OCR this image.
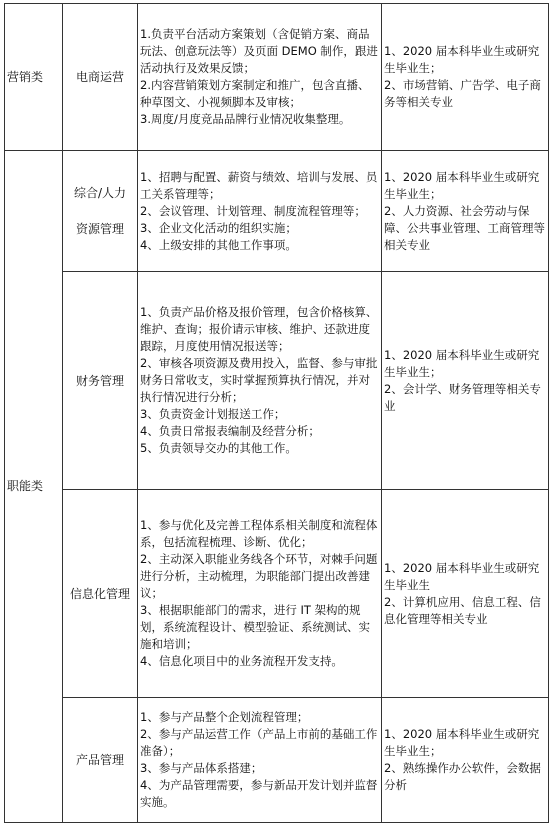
营销类	电商运营	1.负责平台活动方案策划（含促销方案、商品玩法、创意玩法等）及页面 DEMO 制作，跟进活动执行及效果反馈；
2.内容营销策划方案制定和推广，包含直播、种草图文、小视频脚本及审核；
3.周度/月度竞品品牌行业情况收集整理。	1、2020 届本科毕业生或研究生毕业生；
2、市场营销、广告学、电子商务等相关专业

职能类	综合/人力
资源管理	1、招聘与配置、薪资与绩效、培训与发展、员工关系管理等；
2、会议管理、计划管理、制度流程管理等；
3、企业文化活动的组织实施；
4、上级安排的其他工作事项。	1、2020 届本科毕业生或研究生毕业生；
2、人力资源、社会劳动与保障、公共事业管理、工商管理等相关专业

	财务管理	1、负责产品价格及报价管理，包含价格核算、维护、查询；报价请示审核、维护、还款进度跟踪，月度使用情况报送等；
2、审核各项资源及费用投入，监督、参与审批财务日常收支，实时掌握预算执行情况，并对执行情况进行分析；
3、负责资金计划报送工作；
4、负责日常报表编制及经营分析；
5、负责领导交办的其他工作。	1、2020 届本科毕业生或研究生毕业生；
2、会计学、财务管理等相关专业

	信息化管理	1、参与优化及完善工程体系相关制度和流程体系，包括流程梳理、诊断、优化；
2、主动深入职能业务线各个环节，对棘手问题进行分析，主动梳理，为职能部门提出改善建议；
3、根据职能部门的需求，进行 IT 架构的规划，系统流程设计、模型验证、系统测试、实施和培训；
4、信息化项目中的业务流程开发支持。	1、2020 届本科毕业生或研究生毕业生
2、计算机应用、信息工程、信息化管理等相关专业

	产品管理	1、参与产品整个企划流程管理；
2、参与产品运营工作（产品上市前的基础工作准备）；
3、参与产品体系搭建；
4、为产品管理需要，参与新品开发计划并监督实施。	1、2020 届本科毕业生或研究生毕业生；
2、熟练操作办公软件，会数据分析
